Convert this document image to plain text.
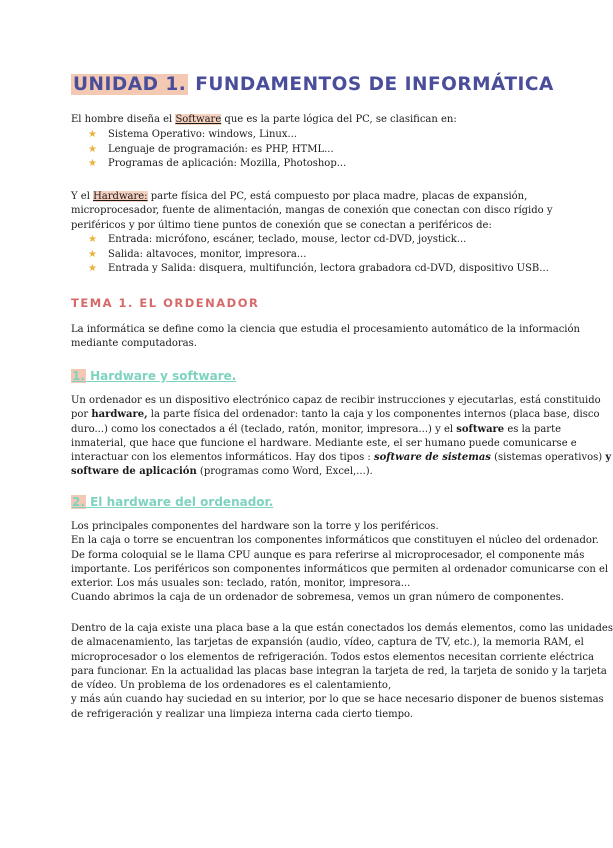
UNIDAD 1. FUNDAMENTOS DE INFORMÁTICA

El hombre diseña el Software que es la parte lógica del PC, se clasifican en:

★ Sistema Operativo: windows, Linux...
★ Lenguaje de programación: es PHP, HTML...
★ Programas de aplicación: Mozilla, Photoshop...

Y el Hardware: parte física del PC, está compuesto por placa madre, placas de expansión,

microprocesador, fuente de alimentación, mangas de conexión que conectan con disco rígido y

periféricos y por último tiene puntos de conexión que se conectan a periféricos de:

★ Entrada: micrófono, escáner, teclado, mouse, lector cd-DVD, joystick...
★ Salida: altavoces, monitor, impresora...
★ Entrada y Salida: disquera, multifunción, lectora grabadora cd-DVD, dispositivo USB...
TEMA 1. EL ORDENADOR

La informática se define como la ciencia que estudia el procesamiento automático de la información

mediante computadoras.

1. Hardware y software.

Un ordenador es un dispositivo electrónico capaz de recibir instrucciones y ejecutarlas, está constituido

por hardware, la parte física del ordenador: tanto la caja y los componentes internos (placa base, disco

duro...) como los conectados a él (teclado, ratón, monitor, impresora...) y el software es la parte

inmaterial, que hace que funcione el hardware. Mediante este, el ser humano puede comunicarse e

interactuar con los elementos informáticos. Hay dos tipos : software de sistemas (sistemas operativos) y

software de aplicación (programas como Word, Excel,...).

2. El hardware del ordenador.

Los principales componentes del hardware son la torre y los periféricos.

En la caja o torre se encuentran los componentes informáticos que constituyen el núcleo del ordenador.

De forma coloquial se le llama CPU aunque es para referirse al microprocesador, el componente más

importante. Los periféricos son componentes informáticos que permiten al ordenador comunicarse con el

exterior. Los más usuales son: teclado, ratón, monitor, impresora...

Cuando abrimos la caja de un ordenador de sobremesa, vemos un gran número de componentes.

Dentro de la caja existe una placa base a la que están conectados los demás elementos, como las unidades

de almacenamiento, las tarjetas de expansión (audio, vídeo, captura de TV, etc.), la memoria RAM, el

microprocesador o los elementos de refrigeración. Todos estos elementos necesitan corriente eléctrica

para funcionar. En la actualidad las placas base integran la tarjeta de red, la tarjeta de sonido y la tarjeta

de vídeo. Un problema de los ordenadores es el calentamiento,

y más aún cuando hay suciedad en su interior, por lo que se hace necesario disponer de buenos sistemas

de refrigeración y realizar una limpieza interna cada cierto tiempo.
